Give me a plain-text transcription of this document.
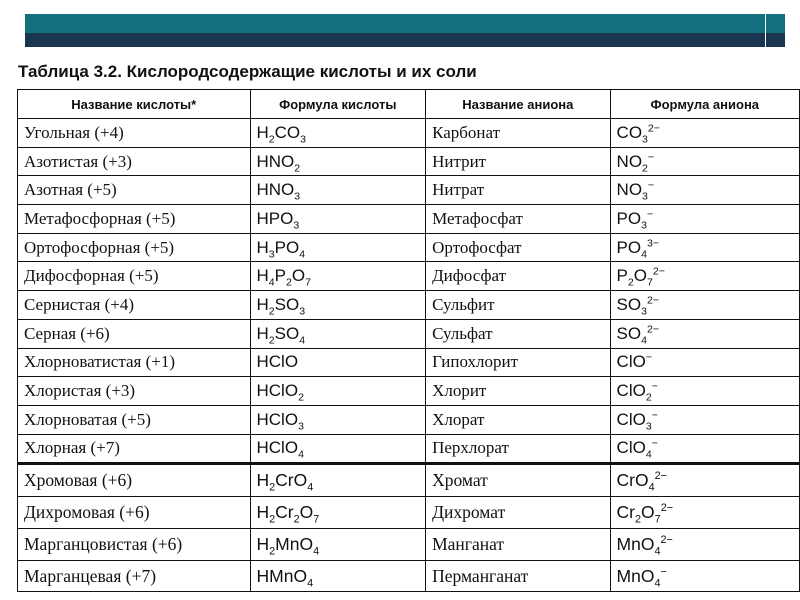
Таблица 3.2. Кислородсодержащие кислоты и их соли
Название кислоты*	Формула кислоты	Название аниона	Формула аниона
Угольная (+4)	$H_2CO_3$	Карбонат	$CO_3^{2-}$
Азотистая (+3)	$HNO_2$	Нитрит	$NO_2^-$
Азотная (+5)	$HNO_3$	Нитрат	$NO_3^-$
Метафосфорная (+5)	$HPO_3$	Метафосфат	$PO_3^-$
Ортофосфорная (+5)	$H_3PO_4$	Ортофосфат	$PO_4^{3-}$
Дифосфорная (+5)	$H_4P_2O_7$	Дифосфат	$P_2O_7^{2-}$
Сернистая (+4)	$H_2SO_3$	Сульфит	$SO_3^{2-}$
Серная (+6)	$H_2SO_4$	Сульфат	$SO_4^{2-}$
Хлорноватистая (+1)	HClO	Гипохлорит	ClO−
Хлористая (+3)	HClO$_2$	Хлорит	ClO$_2$−
Хлорноватая (+5)	HClO$_3$	Хлорат	ClO$_3$−
Хлорная (+7)	HClO$_4$	Перхлорат	ClO$_4$−
Хромовая (+6)	$H_2CrO_4$	Хромат	CrO$_4^{2-}$
Дихромовая (+6)	$H_2Cr_2O_7$	Дихромат	$Cr_2O_7^{2-}$
Марганцовистая (+6)	$H_2MnO_4$	Манганат	MnO$_4^{2-}$
Марганцевая (+7)	HMnO$_4$	Перманганат	MnO$_4$−
